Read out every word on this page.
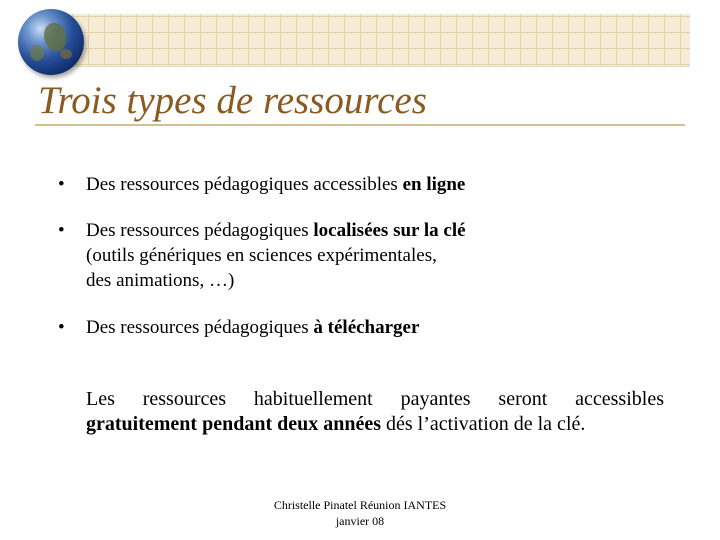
Trois types de ressources
•	Des ressources pédagogiques accessibles en ligne
•	Des ressources pédagogiques localisées sur la clé
(outils génériques en sciences expérimentales,
des animations, …)
•	Des ressources pédagogiques à télécharger
Les ressources habituellement payantes seront accessibles gratuitement pendant deux années dés l’activation de la clé.
Christelle Pinatel Réunion IANTES
janvier 08
